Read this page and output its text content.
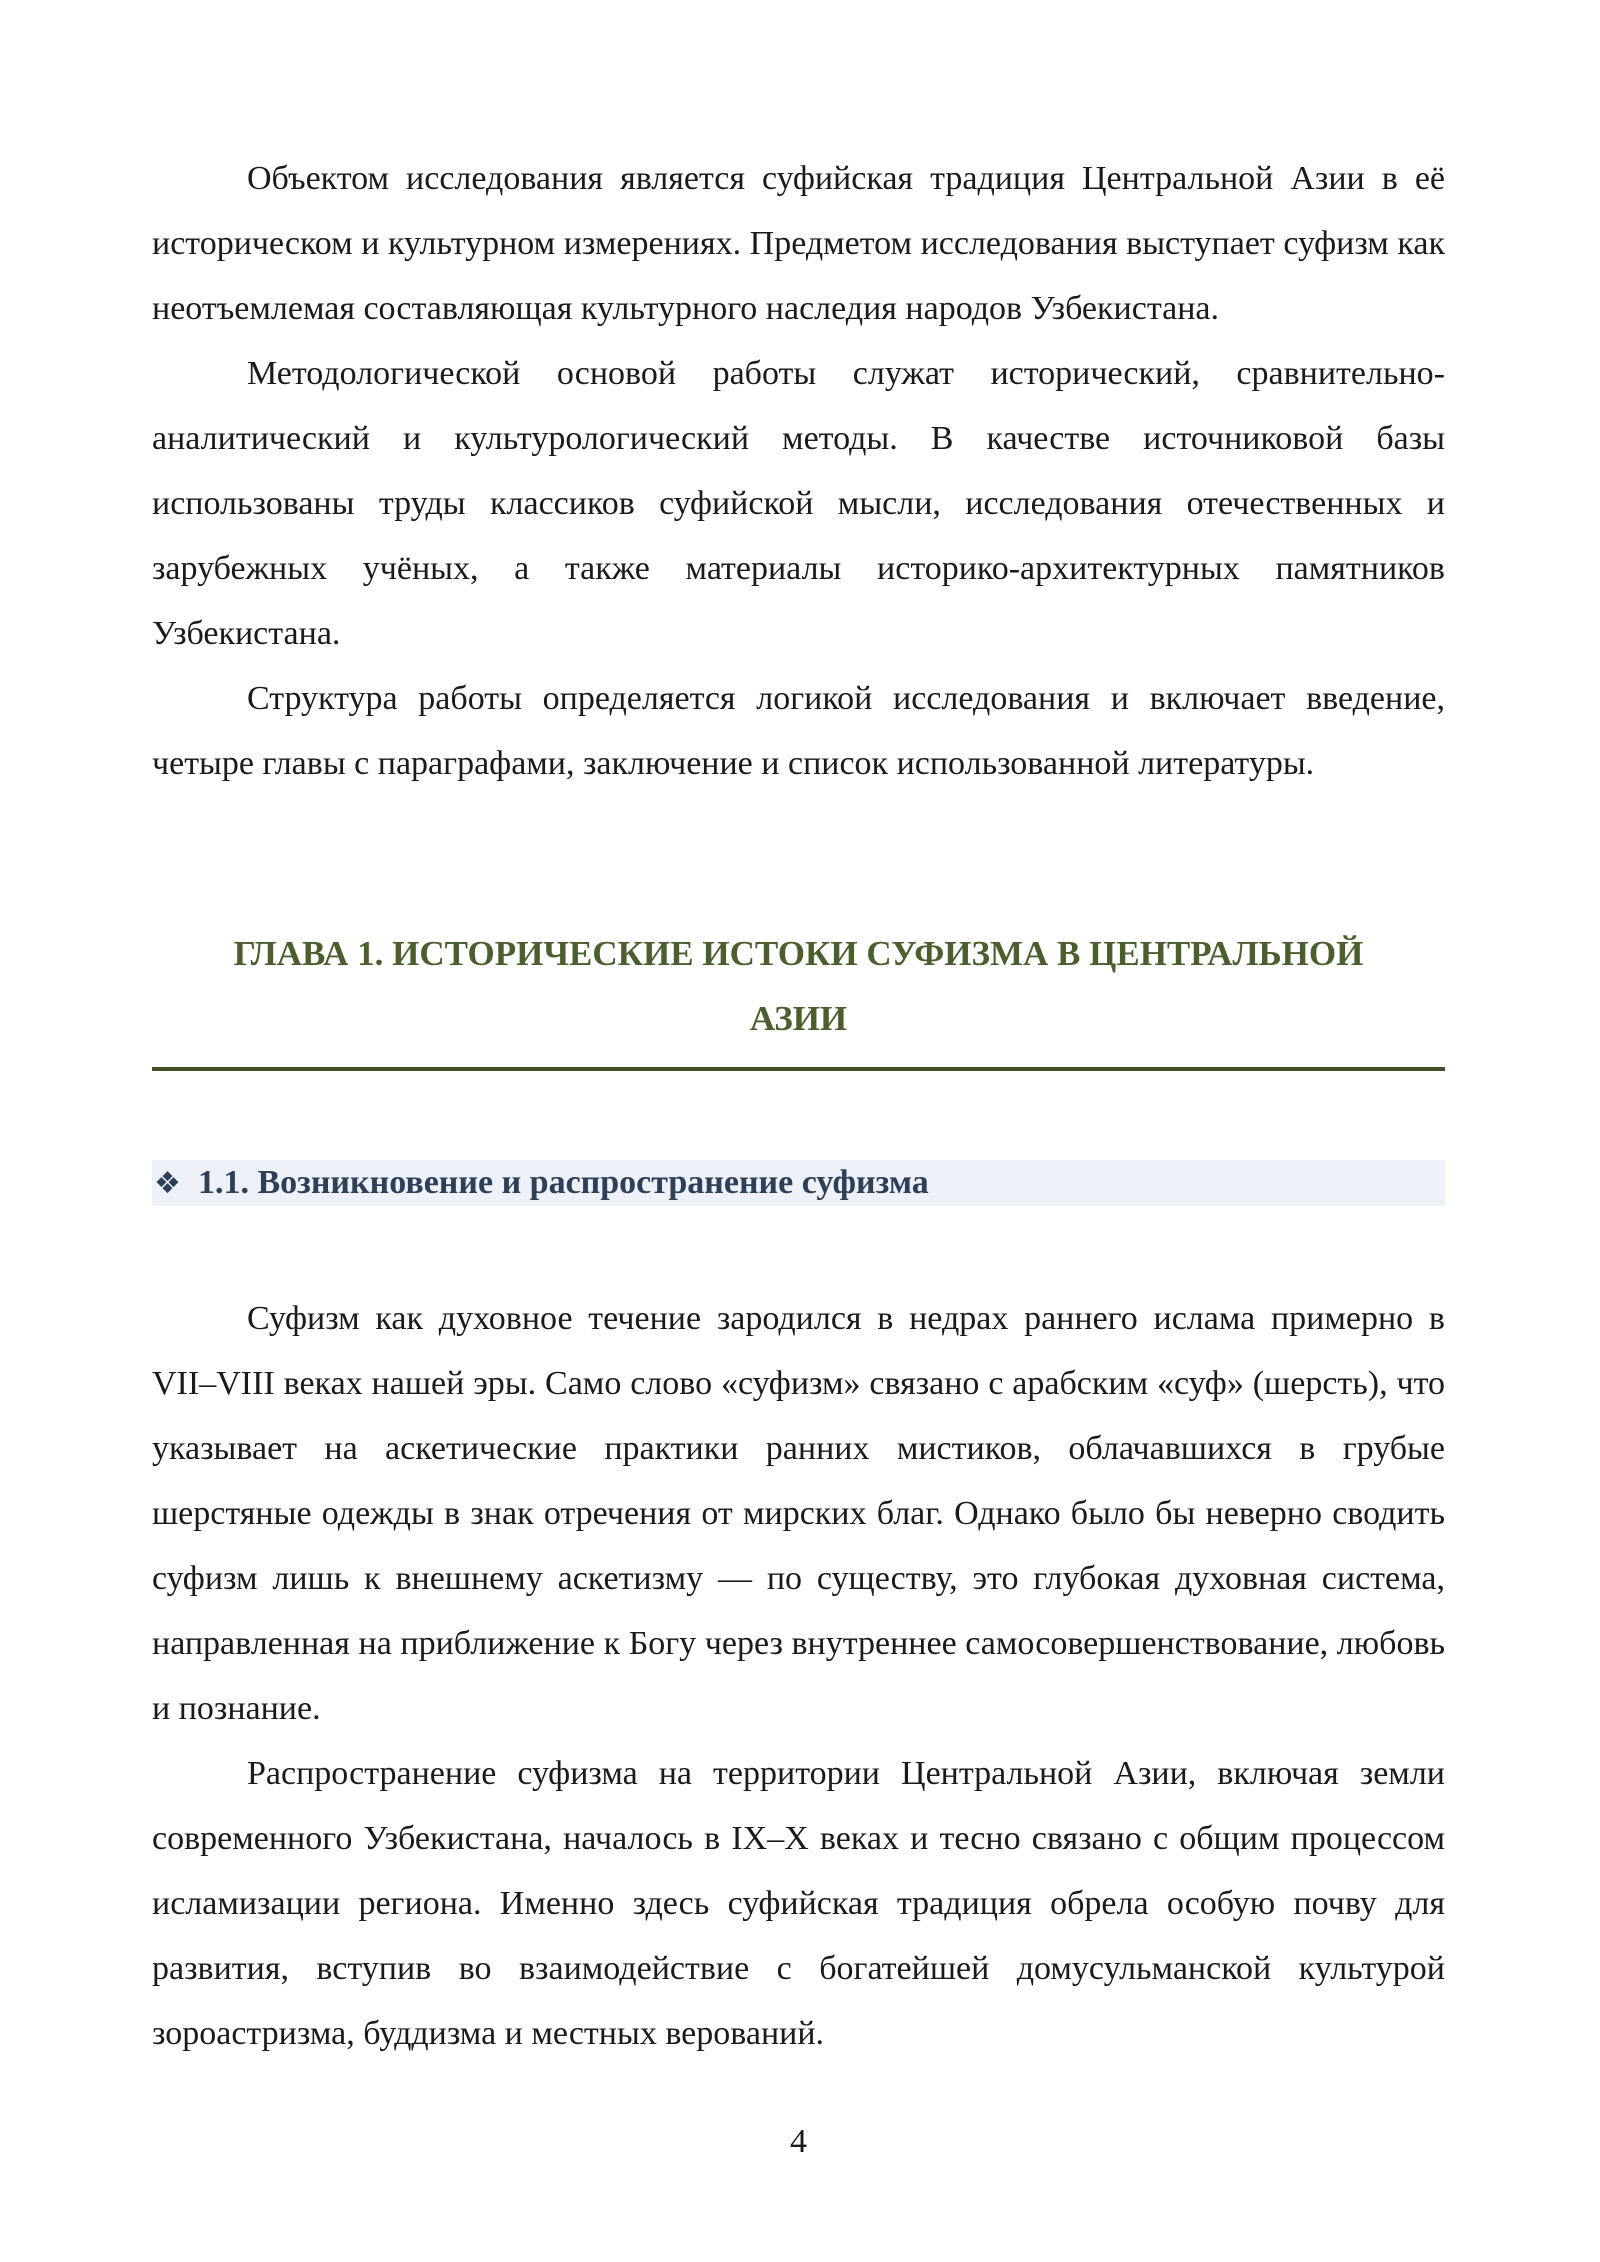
Объектом исследования является суфийская традиция Центральной Азии в её историческом и культурном измерениях. Предметом исследования выступает суфизм как неотъемлемая составляющая культурного наследия народов Узбекистана.

Методологической основой работы служат исторический, сравнительно-аналитический и культурологический методы. В качестве источниковой базы использованы труды классиков суфийской мысли, исследования отечественных и зарубежных учёных, а также материалы историко-архитектурных памятников Узбекистана.

Структура работы определяется логикой исследования и включает введение, четыре главы с параграфами, заключение и список использованной литературы.

ГЛАВА 1. ИСТОРИЧЕСКИЕ ИСТОКИ СУФИЗМА В ЦЕНТРАЛЬНОЙ
АЗИИ
❖ 1.1. Возникновение и распространение суфизма

Суфизм как духовное течение зародился в недрах раннего ислама примерно в VII–VIII веках нашей эры. Само слово «суфизм» связано с арабским «суф» (шерсть), что указывает на аскетические практики ранних мистиков, облачавшихся в грубые шерстяные одежды в знак отречения от мирских благ. Однако было бы неверно сводить суфизм лишь к внешнему аскетизму — по существу, это глубокая духовная система, направленная на приближение к Богу через внутреннее самосовершенствование, любовь и познание.

Распространение суфизма на территории Центральной Азии, включая земли современного Узбекистана, началось в IX–X веках и тесно связано с общим процессом исламизации региона. Именно здесь суфийская традиция обрела особую почву для развития, вступив во взаимодействие с богатейшей домусульманской культурой зороастризма, буддизма и местных верований.

4
